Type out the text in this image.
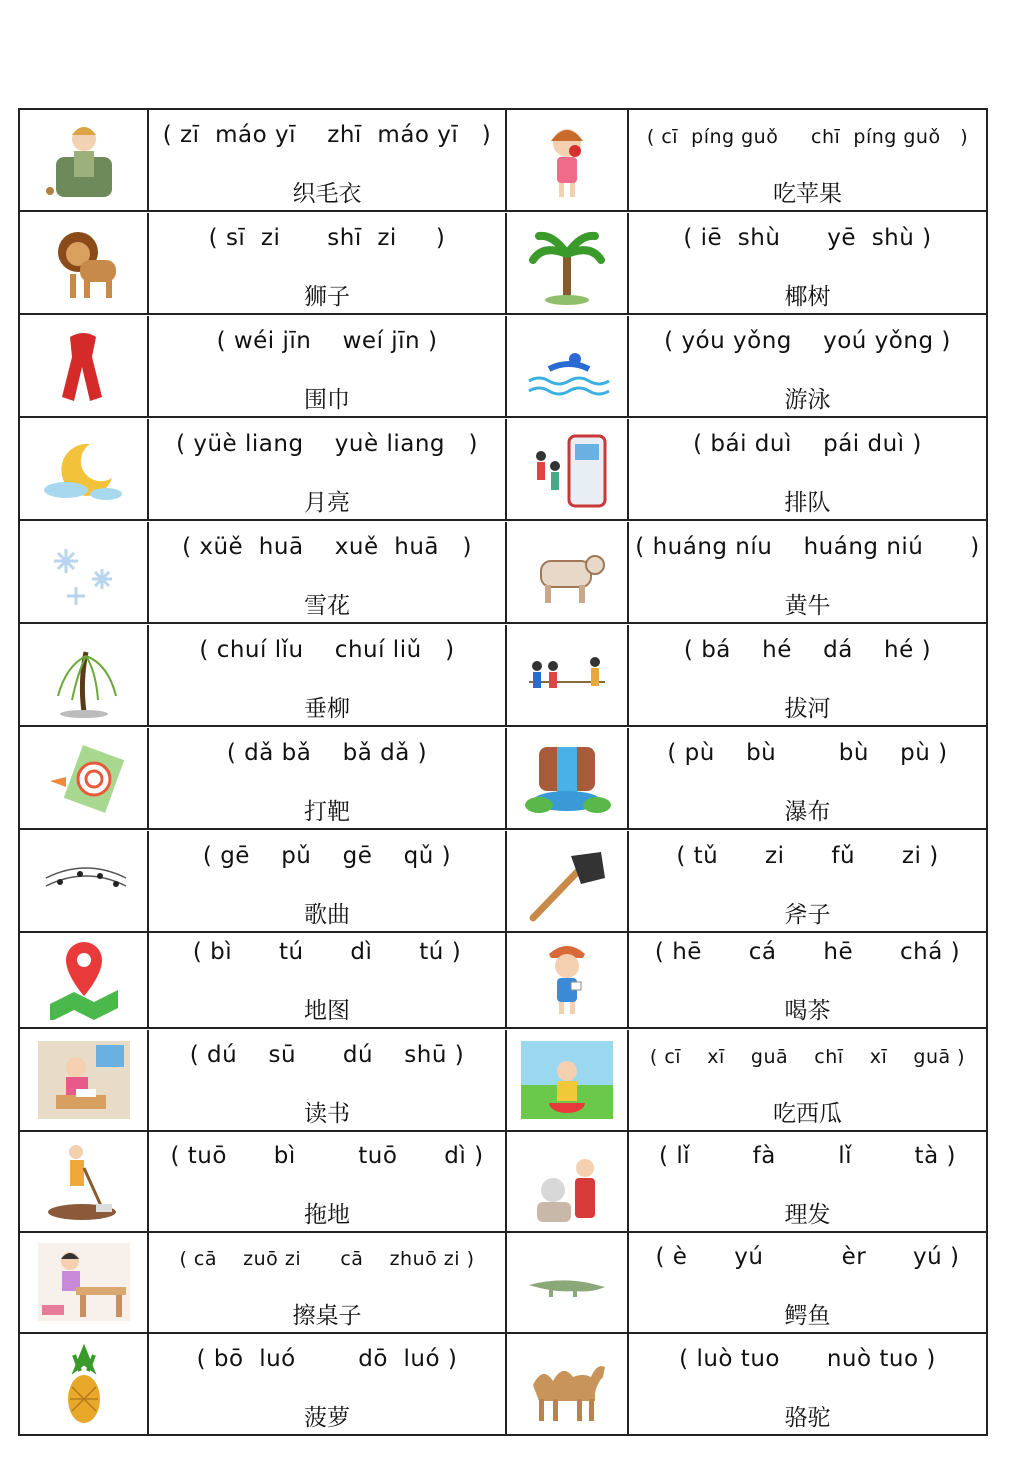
( zī  máo yī    zhī  máo yī   )
织毛衣
( cī  píng guǒ     chī  píng guǒ   )
吃苹果
( sī  zi      shī  zi     )
狮子
( iē  shù      yē  shù )
椰树
( wéi jīn    weí jīn )
围巾
( yóu yǒng    yoú yǒng )
游泳
( yüè liang    yuè liang   )
月亮
( bái duì    pái duì )
排队
( xüě  huā    xuě  huā   )
雪花
( huáng níu    huáng niú      )
黄牛
( chuí lǐu    chuí liǔ   )
垂柳
( bá    hé    dá    hé )
拔河
( dǎ bǎ    bǎ dǎ )
打靶
( pù    bù        bù    pù )
瀑布
( gē    pǔ    gē    qǔ )
歌曲
( tǔ      zi      fǔ      zi )
斧子
( bì      tú      dì      tú )
地图
( hē      cá      hē      chá )
喝茶
( dú    sū      dú    shū )
读书
( cī    xī    guā    chī    xī    guā )
吃西瓜
( tuō      bì        tuō      dì )
拖地
( lǐ        fà        lǐ        tà )
理发
( cā    zuō zi      cā    zhuō zi )
擦桌子
( è      yú          èr      yú )
鳄鱼
( bō  luó        dō  luó )
菠萝
( luò tuo      nuò tuo )
骆驼
